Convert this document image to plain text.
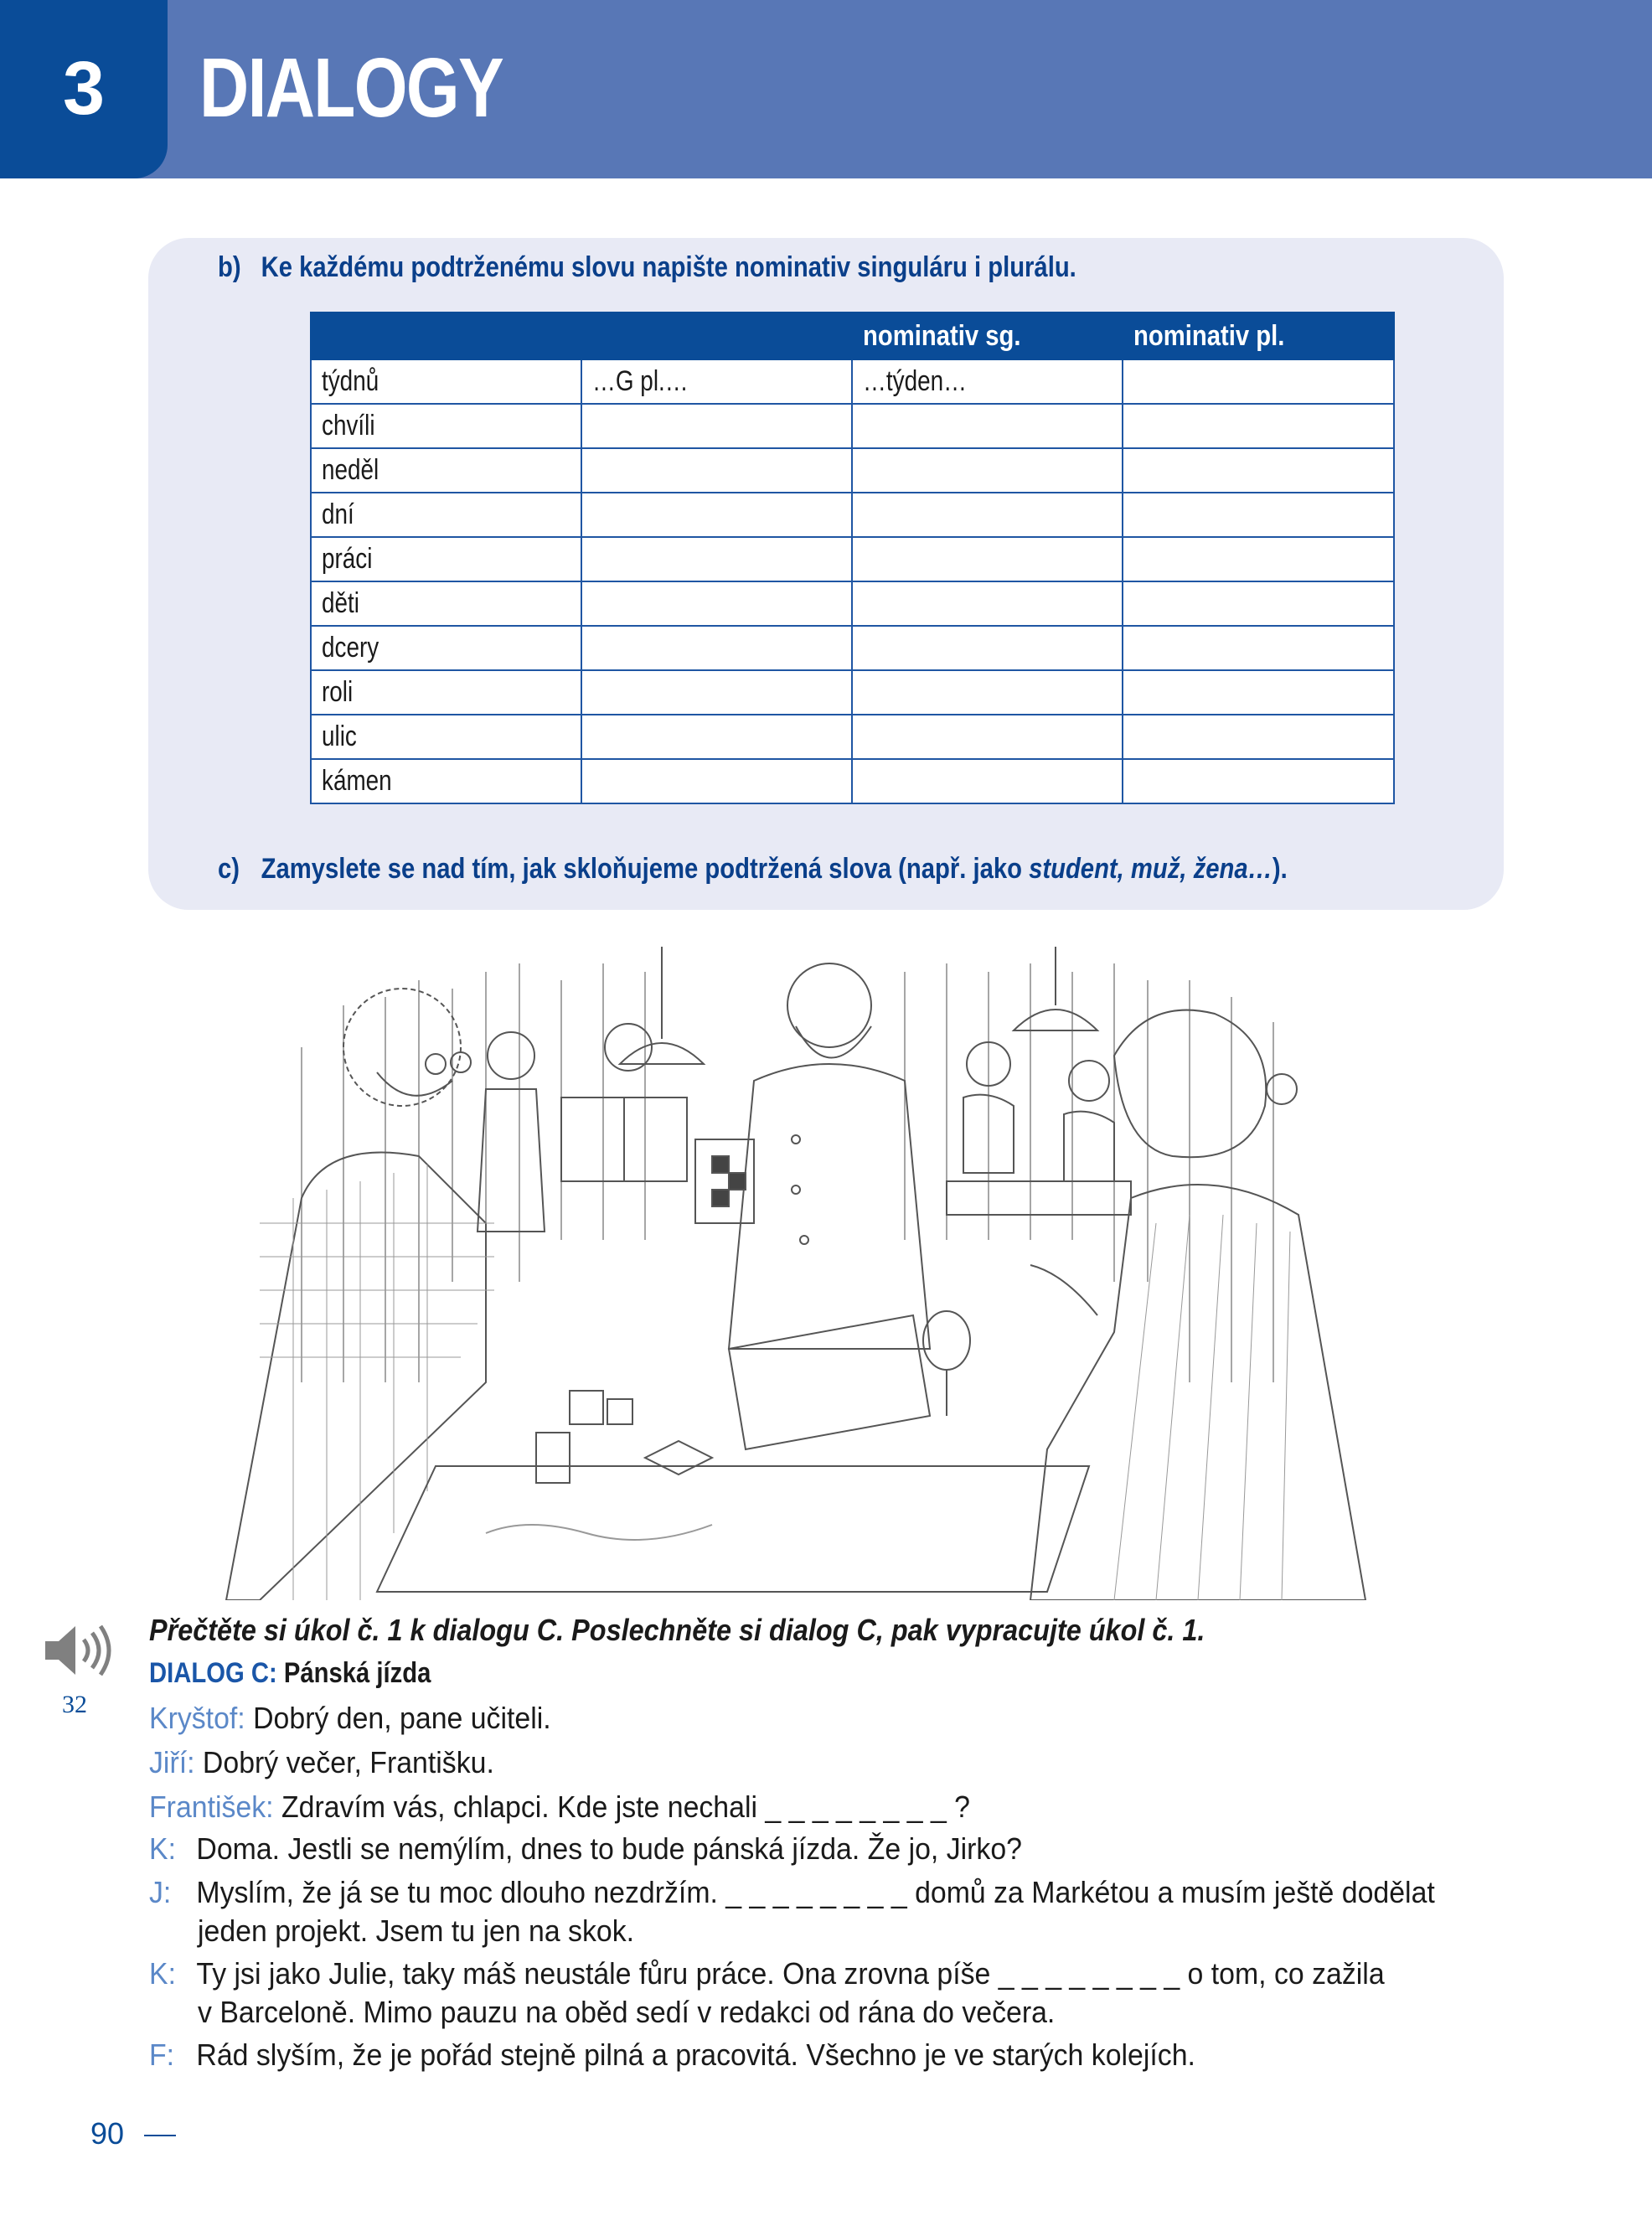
3	DIALOGY
b) Ke každému podtrženému slovu napište nominativ singuláru i plurálu.
		nominativ sg.	nominativ pl.
týdnů	…G pl.…	…týden…	
chvíli			
neděl			
dní			
práci			
děti			
dcery			
roli			
ulic			
kámen			
c) Zamyslete se nad tím, jak skloňujeme podtržená slova (např. jako student, muž, žena…).
32
Přečtěte si úkol č. 1 k dialogu C. Poslechněte si dialog C, pak vypracujte úkol č. 1.
DIALOG C: Pánská jízda
Kryštof: Dobrý den, pane učiteli.
Jiří: Dobrý večer, Františku.
František: Zdravím vás, chlapci. Kde jste nechali _ _ _ _ _ _ _ _ ?
K: Doma. Jestli se nemýlím, dnes to bude pánská jízda. Že jo, Jirko?
J: Myslím, že já se tu moc dlouho nezdržím. _ _ _ _ _ _ _ _ domů za Markétou a musím ještě dodělat
jeden projekt. Jsem tu jen na skok.
K: Ty jsi jako Julie, taky máš neustále fůru práce. Ona zrovna píše _ _ _ _ _ _ _ _ o tom, co zažila
v Barceloně. Mimo pauzu na oběd sedí v redakci od rána do večera.
F: Rád slyším, že je pořád stejně pilná a pracovitá. Všechno je ve starých kolejích.
90
